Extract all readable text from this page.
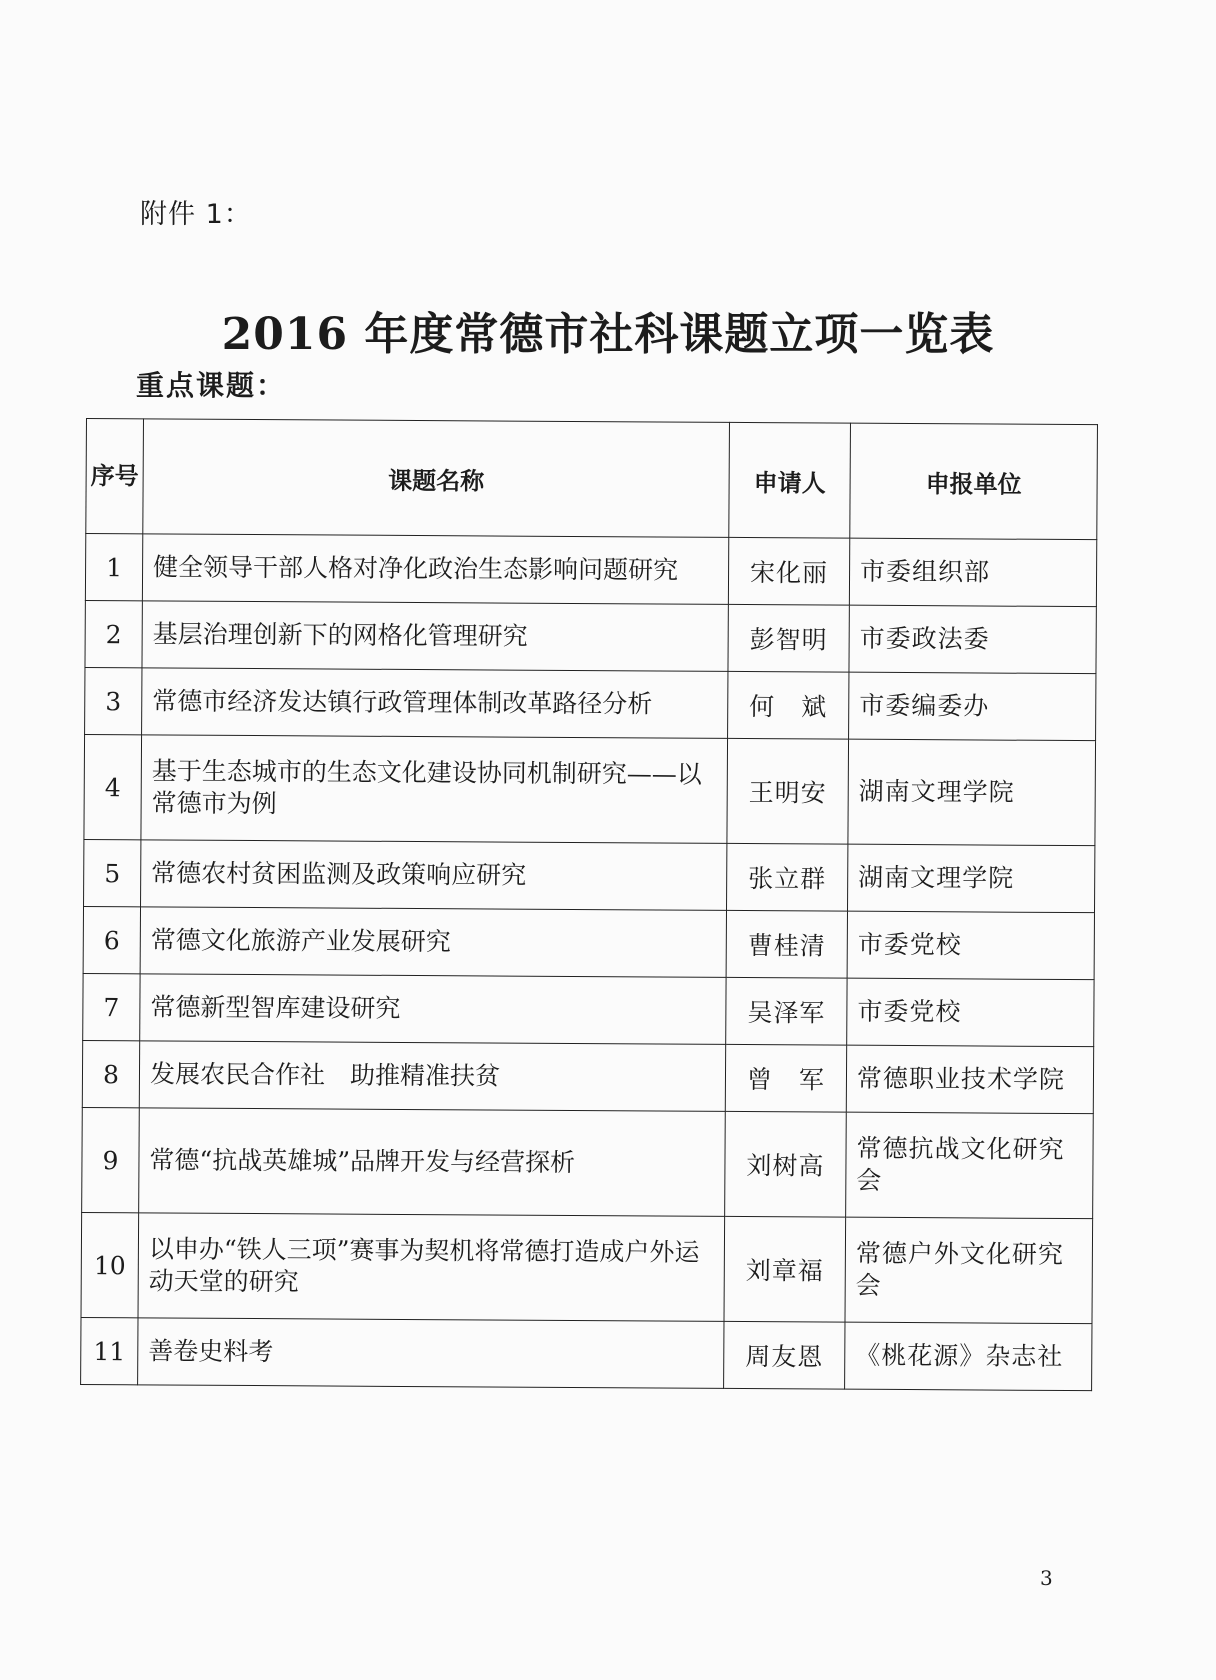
附件 1：
2016 年度常德市社科课题立项一览表
重点课题：
序号	课题名称	申请人	申报单位
1	健全领导干部人格对净化政治生态影响问题研究	宋化丽	市委组织部
2	基层治理创新下的网格化管理研究	彭智明	市委政法委
3	常德市经济发达镇行政管理体制改革路径分析	何　斌	市委编委办
4	基于生态城市的生态文化建设协同机制研究——以常德市为例	王明安	湖南文理学院
5	常德农村贫困监测及政策响应研究	张立群	湖南文理学院
6	常德文化旅游产业发展研究	曹桂清	市委党校
7	常德新型智库建设研究	吴泽军	市委党校
8	发展农民合作社　助推精准扶贫	曾　军	常德职业技术学院
9	常德“抗战英雄城”品牌开发与经营探析	刘树高	常德抗战文化研究会
10	以申办“铁人三项”赛事为契机将常德打造成户外运动天堂的研究	刘章福	常德户外文化研究会
11	善卷史料考	周友恩	《桃花源》杂志社
3
